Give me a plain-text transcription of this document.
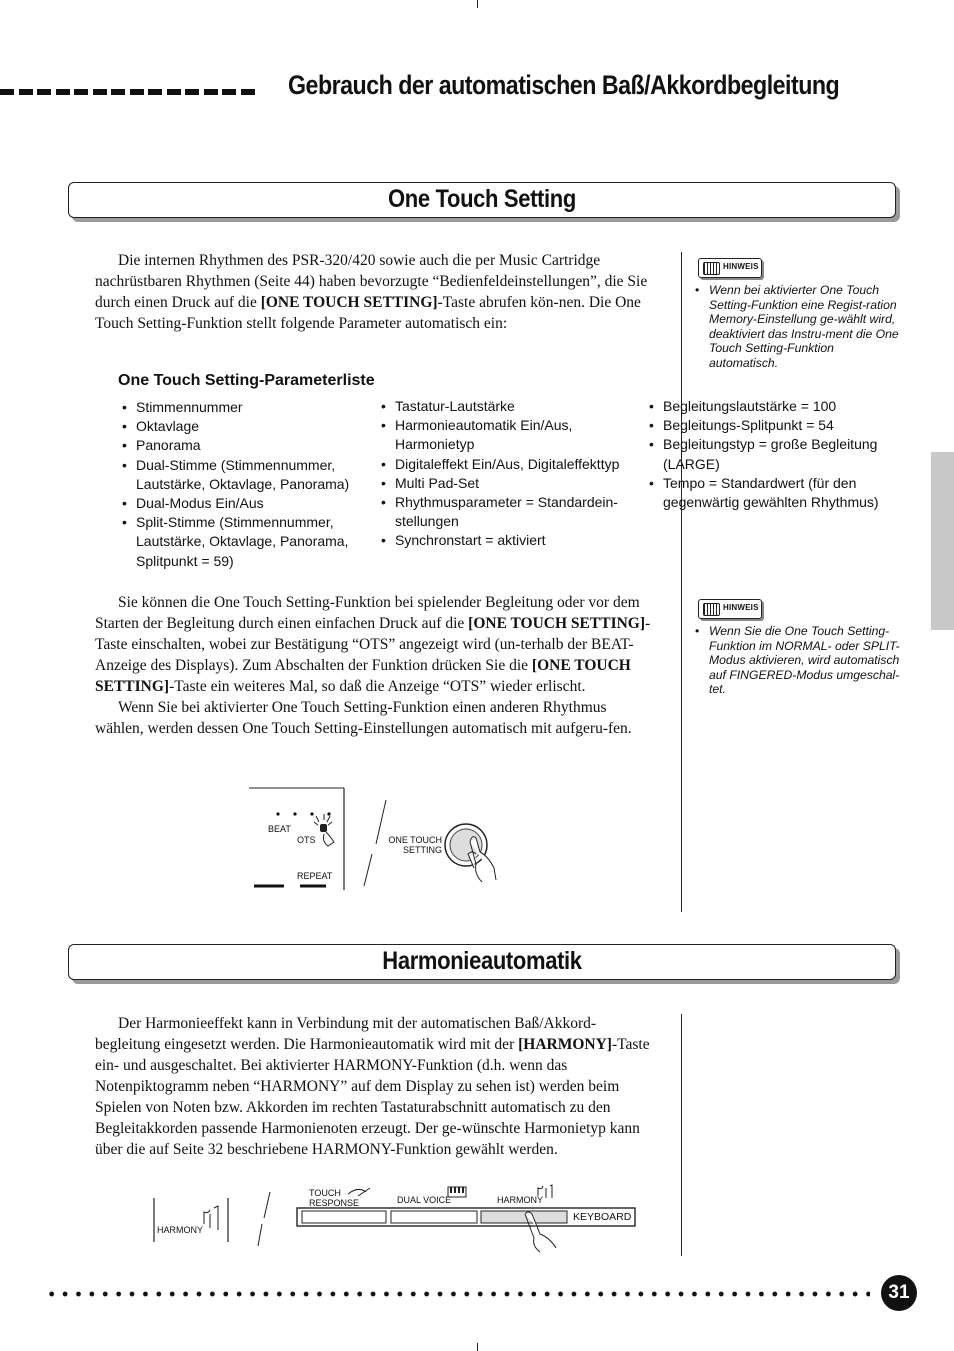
Gebrauch der automatischen Baß/Akkordbegleitung
One Touch Setting

Die internen Rhythmen des PSR-320/420 sowie auch die per Music Cartridge nachrüstbaren Rhythmen (Seite 44) haben bevorzugte “Bedienfeldeinstellungen”, die Sie durch einen Druck auf die [ONE TOUCH SETTING]-Taste abrufen kön-nen. Die One Touch Setting-Funktion stellt folgende Parameter automatisch ein:

HINWEIS
• Wenn bei aktivierter One Touch Setting-Funktion eine Regist-ration Memory-Einstellung ge-wählt wird, deaktiviert das Instru-ment die One Touch Setting-Funktion automatisch.
One Touch Setting-Parameterliste
• Stimmennummer
• Oktavlage
• Panorama
• Dual-Stimme (Stimmennummer, Lautstärke, Oktavlage, Panorama)
• Dual-Modus Ein/Aus
• Split-Stimme (Stimmennummer, Lautstärke, Oktavlage, Panorama, Splitpunkt = 59)
• Tastatur-Lautstärke
• Harmonieautomatik Ein/Aus, Harmonietyp
• Digitaleffekt Ein/Aus, Digitaleffekttyp
• Multi Pad-Set
• Rhythmusparameter = Standardein-stellungen
• Synchronstart = aktiviert
• Begleitungslautstärke = 100
• Begleitungs-Splitpunkt = 54
• Begleitungstyp = große Begleitung (LARGE)
• Tempo = Standardwert (für den gegenwärtig gewählten Rhythmus)

Sie können die One Touch Setting-Funktion bei spielender Begleitung oder vor dem Starten der Begleitung durch einen einfachen Druck auf die [ONE TOUCH SETTING]-Taste einschalten, wobei zur Bestätigung “OTS” angezeigt wird (un-terhalb der BEAT-Anzeige des Displays). Zum Abschalten der Funktion drücken Sie die [ONE TOUCH SETTING]-Taste ein weiteres Mal, so daß die Anzeige “OTS” wieder erlischt.

Wenn Sie bei aktivierter One Touch Setting-Funktion einen anderen Rhythmus wählen, werden dessen One Touch Setting-Einstellungen automatisch mit aufgeru-fen.

HINWEIS
• Wenn Sie die One Touch Setting-Funktion im NORMAL- oder SPLIT-Modus aktivieren, wird automatisch auf FINGERED-Modus umgeschal-tet.
BEAT
OTS
REPEAT
ONE TOUCH
SETTING
Harmonieautomatik

Der Harmonieeffekt kann in Verbindung mit der automatischen Baß/Akkord-begleitung eingesetzt werden. Die Harmonieautomatik wird mit der [HARMONY]-Taste ein- und ausgeschaltet. Bei aktivierter HARMONY-Funktion (d.h. wenn das Notenpiktogramm neben “HARMONY” auf dem Display zu sehen ist) werden beim Spielen von Noten bzw. Akkorden im rechten Tastaturabschnitt automatisch zu den Begleitakkorden passende Harmonienoten erzeugt. Der ge-wünschte Harmonietyp kann über die auf Seite 32 beschriebene HARMONY-Funktion gewählt werden.

HARMONY
TOUCH
RESPONSE	DUAL VOICE	HARMONY
KEYBOARD
31
